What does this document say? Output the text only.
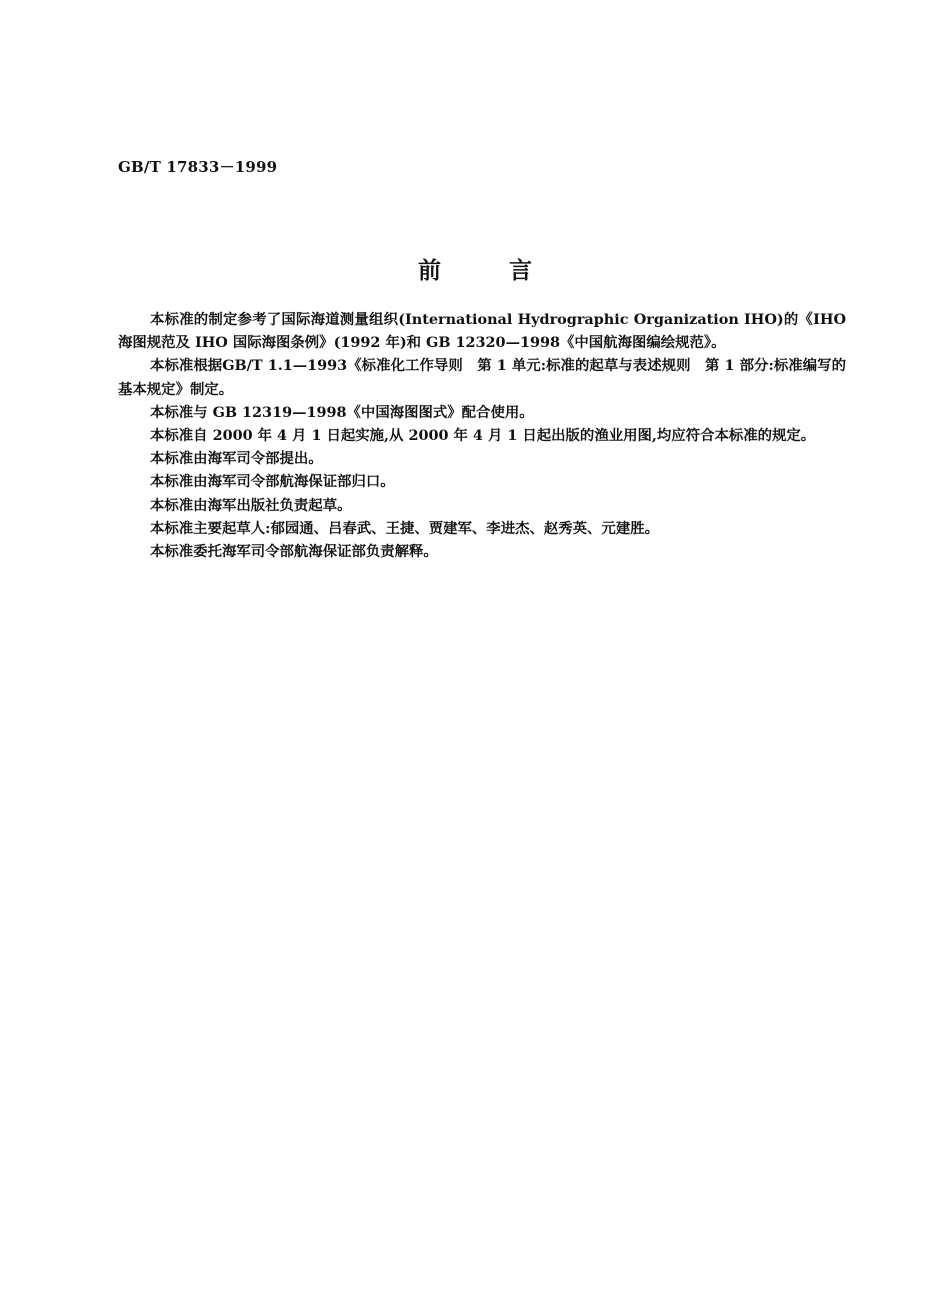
GB/T 17833－1999
前言

本标准的制定参考了国际海道测量组织(International Hydrographic Organization IHO)的《IHO海图规范及 IHO 国际海图条例》(1992 年)和 GB 12320—1998《中国航海图编绘规范》。

本标准根据GB/T 1.1—1993《标准化工作导则　第 1 单元:标准的起草与表述规则　第 1 部分:标准编写的基本规定》制定。

本标准与 GB 12319—1998《中国海图图式》配合使用。

本标准自 2000 年 4 月 1 日起实施,从 2000 年 4 月 1 日起出版的渔业用图,均应符合本标准的规定。

本标准由海军司令部提出。

本标准由海军司令部航海保证部归口。

本标准由海军出版社负责起草。

本标准主要起草人:郁园通、吕春武、王捷、贾建军、李进杰、赵秀英、元建胜。

本标准委托海军司令部航海保证部负责解释。
